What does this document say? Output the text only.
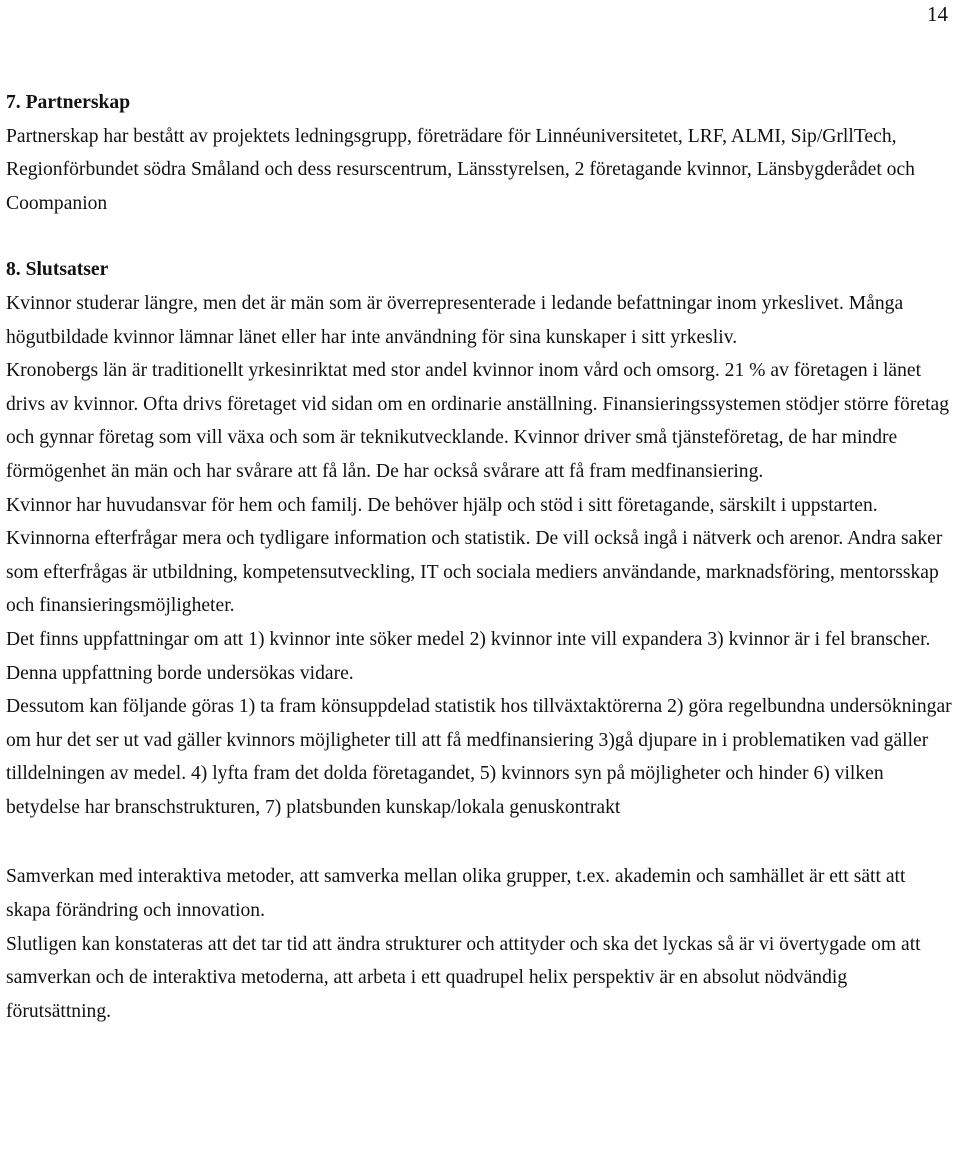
14

7. Partnerskap

Partnerskap har bestått av projektets ledningsgrupp, företrädare för Linnéuniversitetet, LRF, ALMI, Sip/GrllTech, Regionförbundet södra Småland och dess resurscentrum, Länsstyrelsen, 2 företagande kvinnor, Länsbygderådet och Coompanion

8. Slutsatser

Kvinnor studerar längre, men det är män som är överrepresenterade i ledande befattningar inom yrkeslivet. Många högutbildade kvinnor lämnar länet eller har inte användning för sina kunskaper i sitt yrkesliv.

Kronobergs län är traditionellt yrkesinriktat med stor andel kvinnor inom vård och omsorg. 21 % av företagen i länet drivs av kvinnor. Ofta drivs företaget vid sidan om en ordinarie anställning. Finansieringssystemen stödjer större företag och gynnar företag som vill växa och som är teknikutvecklande. Kvinnor driver små tjänsteföretag, de har mindre förmögenhet än män och har svårare att få lån. De har också svårare att få fram medfinansiering.

Kvinnor har huvudansvar för hem och familj. De behöver hjälp och stöd i sitt företagande, särskilt i uppstarten. Kvinnorna efterfrågar mera och tydligare information och statistik. De vill också ingå i nätverk och arenor. Andra saker som efterfrågas är utbildning, kompetensutveckling, IT och sociala mediers användande, marknadsföring, mentorsskap och finansieringsmöjligheter.

Det finns uppfattningar om att 1) kvinnor inte söker medel 2) kvinnor inte vill expandera 3) kvinnor är i fel branscher. Denna uppfattning borde undersökas vidare.

Dessutom kan följande göras 1) ta fram könsuppdelad statistik hos tillväxtaktörerna 2) göra regelbundna undersökningar om hur det ser ut vad gäller kvinnors möjligheter till att få medfinansiering 3)gå djupare in i problematiken vad gäller tilldelningen av medel. 4) lyfta fram det dolda företagandet, 5) kvinnors syn på möjligheter och hinder 6) vilken betydelse har branschstrukturen, 7) platsbunden kunskap/lokala genuskontrakt

Samverkan med interaktiva metoder, att samverka mellan olika grupper, t.ex. akademin och samhället är ett sätt att skapa förändring och innovation.

Slutligen kan konstateras att det tar tid att ändra strukturer och attityder och ska det lyckas så är vi övertygade om att samverkan och de interaktiva metoderna, att arbeta i ett quadrupel helix perspektiv är en absolut nödvändig förutsättning.
